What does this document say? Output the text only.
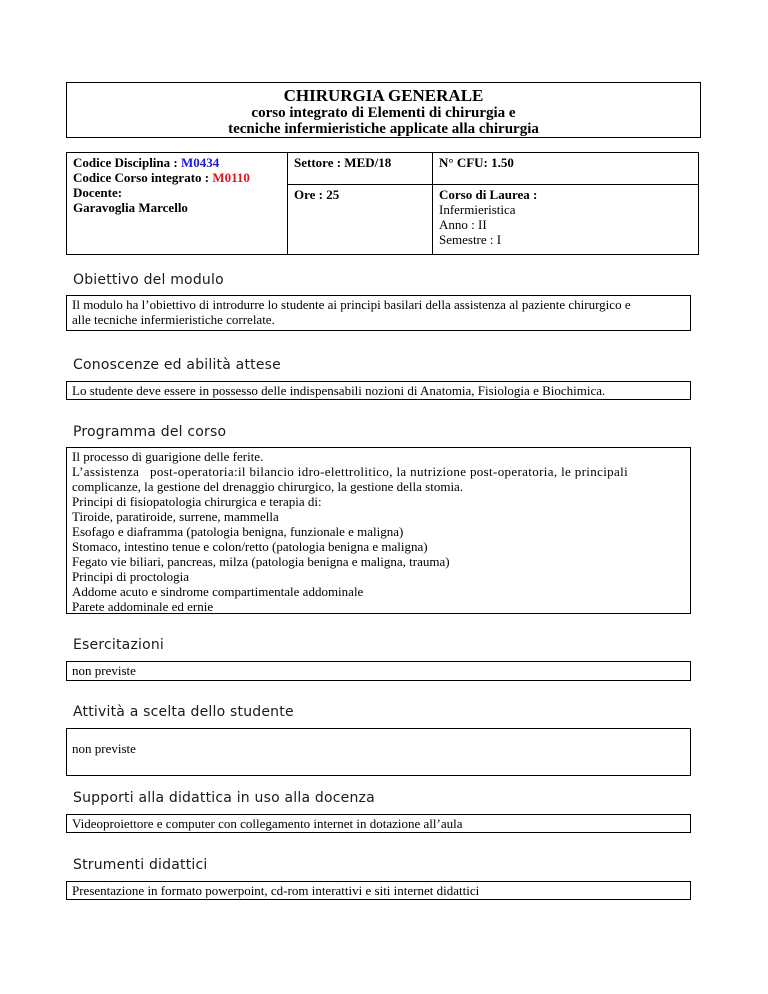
CHIRURGIA GENERALE
corso integrato di Elementi di chirurgia e
tecniche infermieristiche applicate alla chirurgia
Codice Disciplina : M0434
Codice Corso integrato : M0110
Docente:
Garavoglia Marcello	Settore : MED/18	N° CFU: 1.50
	Ore : 25	Corso di Laurea :
Infermieristica
Anno : II
Semestre : I
Obiettivo del modulo
Il modulo ha l’obiettivo di introdurre lo studente ai principi basilari della assistenza al paziente chirurgico e
alle tecniche infermieristiche correlate.
Conoscenze ed abilità attese
Lo studente deve essere in possesso delle indispensabili nozioni di Anatomia, Fisiologia e Biochimica.
Programma del corso
Il processo di guarigione delle ferite.
L’assistenza   post-operatoria:il bilancio idro-elettrolitico, la nutrizione post-operatoria, le principali
complicanze, la gestione del drenaggio chirurgico, la gestione della stomia.
Principi di fisiopatologia chirurgica e terapia di:
Tiroide, paratiroide, surrene, mammella
Esofago e diaframma (patologia benigna, funzionale e maligna)
Stomaco, intestino tenue e colon/retto (patologia benigna e maligna)
Fegato vie biliari, pancreas, milza (patologia benigna e maligna, trauma)
Principi di proctologia
Addome acuto e sindrome compartimentale addominale
Parete addominale ed ernie
Esercitazioni
non previste
Attività a scelta dello studente
non previste
Supporti alla didattica in uso alla docenza
Videoproiettore e computer con collegamento internet in dotazione all’aula
Strumenti didattici
Presentazione in formato powerpoint, cd-rom interattivi e siti internet didattici
